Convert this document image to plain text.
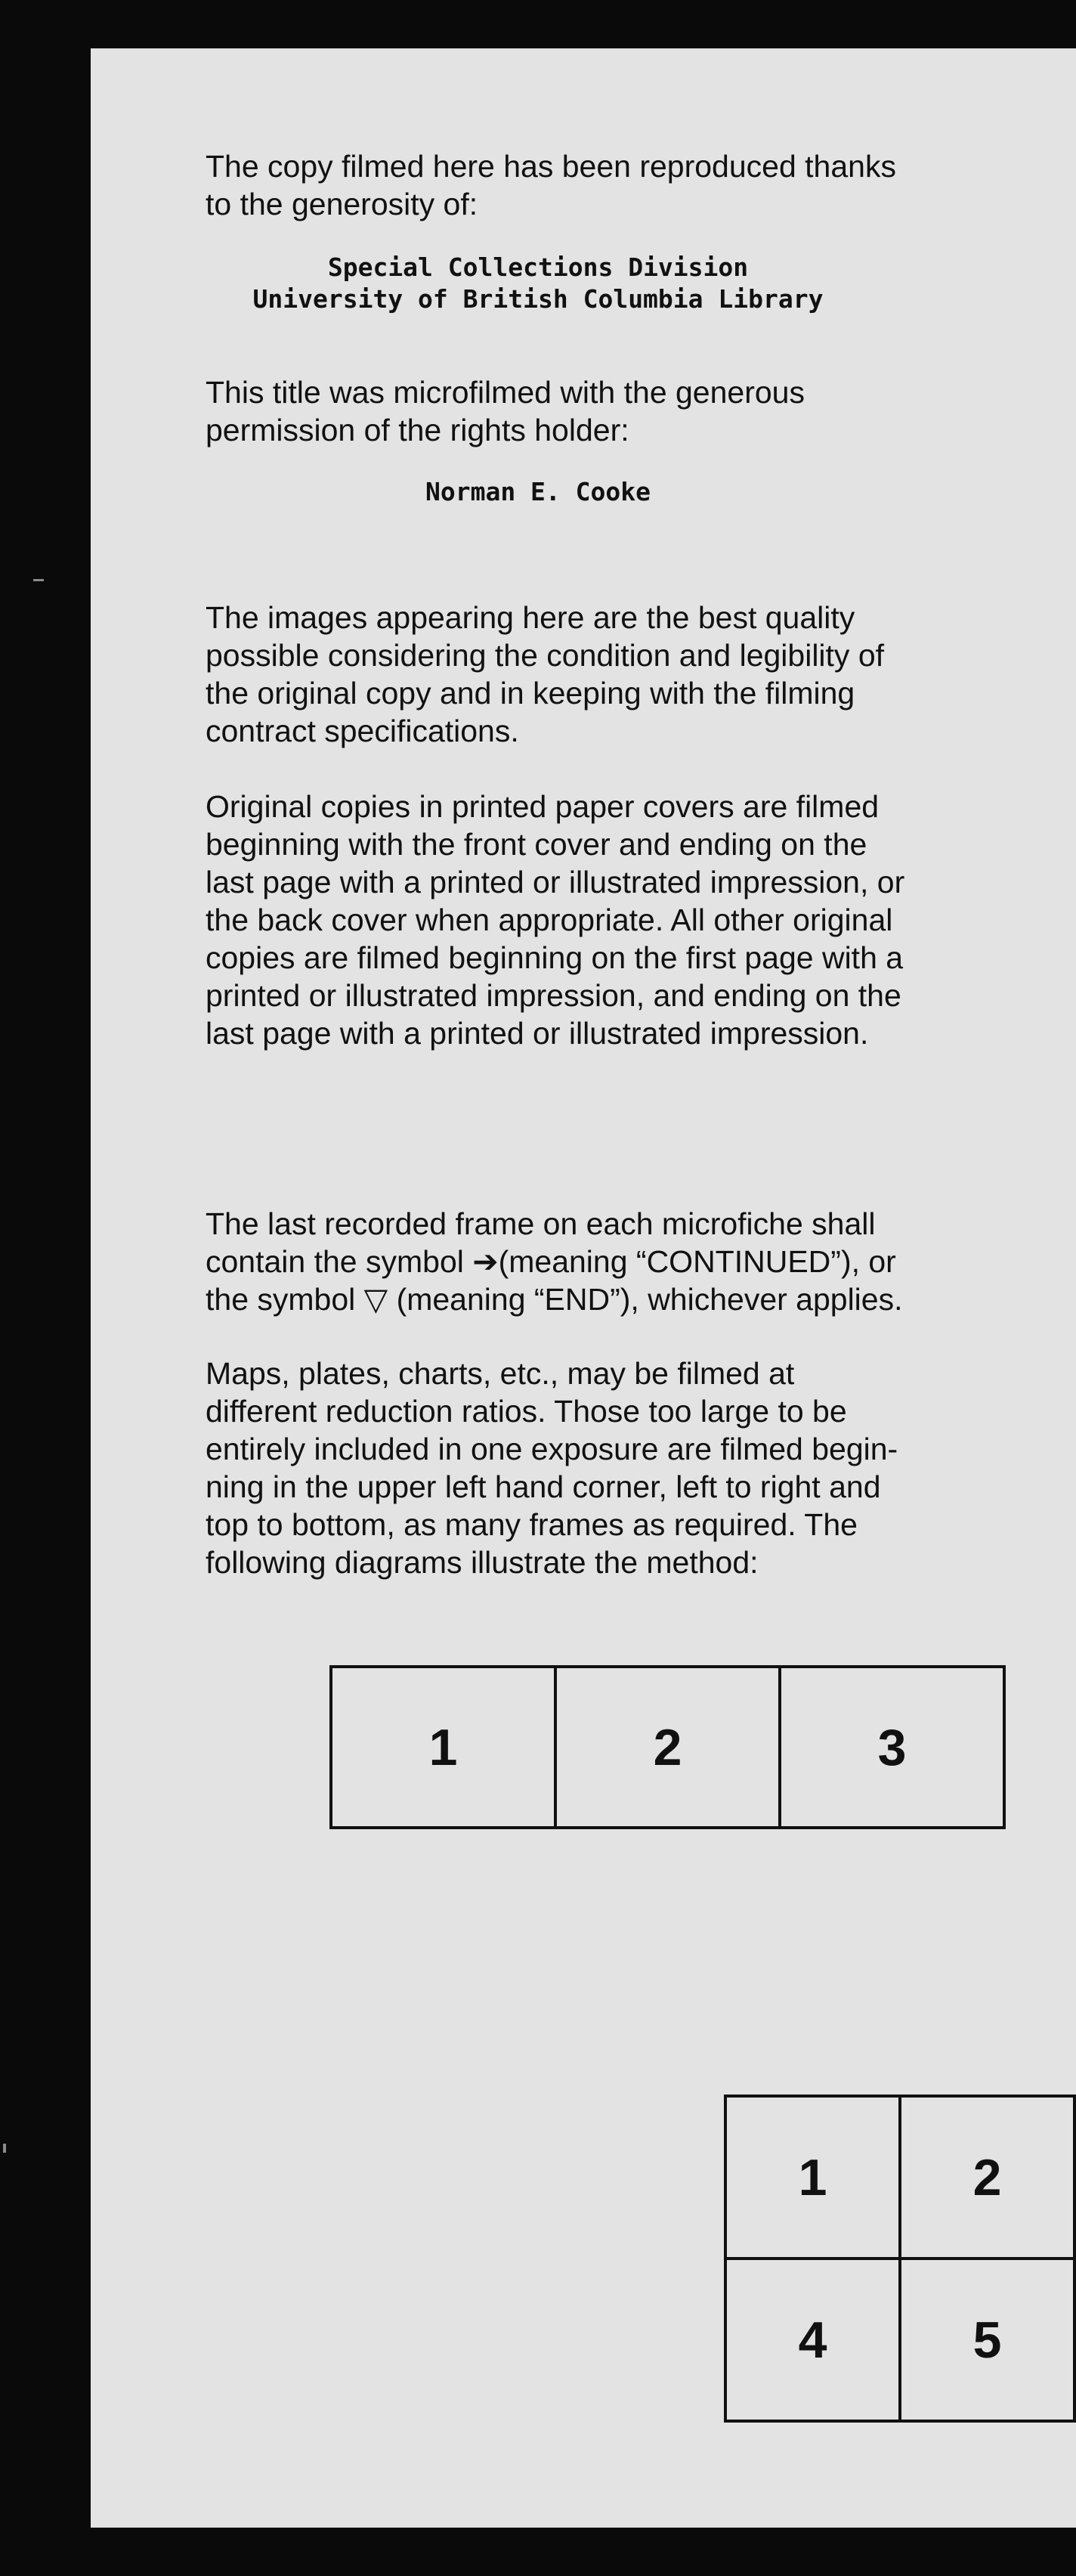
The copy filmed here has been reproduced thanks
to the generosity of:

Special Collections Division
University of British Columbia Library

This title was microfilmed with the generous
permission of the rights holder:

Norman E. Cooke

The images appearing here are the best quality
possible considering the condition and legibility of
the original copy and in keeping with the filming
contract specifications.

Original copies in printed paper covers are filmed
beginning with the front cover and ending on the
last page with a printed or illustrated impression, or
the back cover when appropriate. All other original
copies are filmed beginning on the first page with a
printed or illustrated impression, and ending on the
last page with a printed or illustrated impression.

The last recorded frame on each microfiche shall
contain the symbol ➔(meaning “CONTINUED”), or
the symbol ▽ (meaning “END”), whichever applies.

Maps, plates, charts, etc., may be filmed at
different reduction ratios. Those too large to be
entirely included in one exposure are filmed begin-
ning in the upper left hand corner, left to right and
top to bottom, as many frames as required. The
following diagrams illustrate the method:

1	2	3
1	2
4	5
